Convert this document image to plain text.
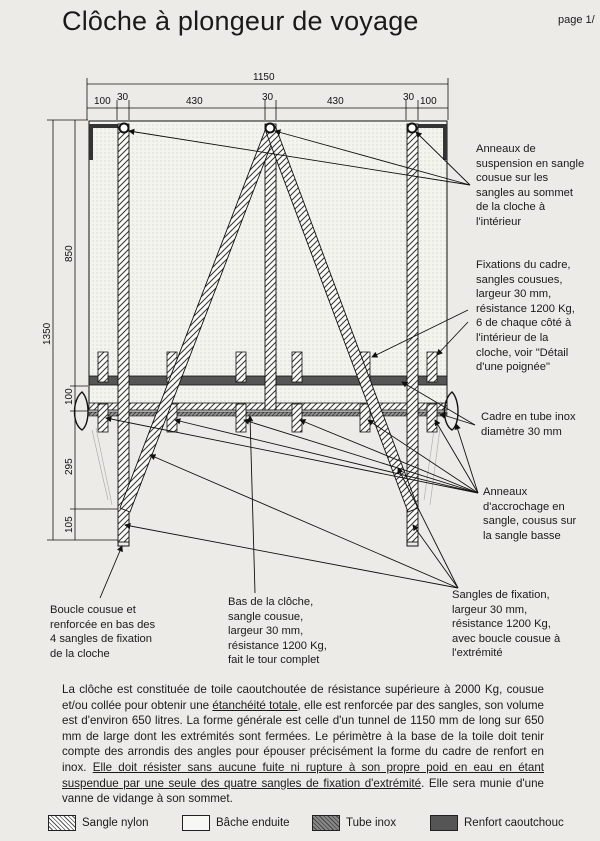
Clôche à plongeur de voyage	page 1/
1150
100 30	430	30	430	30 100
1350
850
100
295
105
Anneaux de
suspension en sangle
cousue sur les
sangles au sommet
de la cloche à
l'intérieur
Fixations du cadre,
sangles cousues,
largeur 30 mm,
résistance 1200 Kg,
6 de chaque côté à
l'intérieur de la
cloche, voir "Détail
d'une poignée"
Cadre en tube inox
diamètre 30 mm
Anneaux
d'accrochage en
sangle, cousus sur
la sangle basse
Boucle cousue et
renforcée en bas des
4 sangles de fixation
de la cloche
Bas de la clôche,
sangle cousue,
largeur 30 mm,
résistance 1200 Kg,
fait le tour complet
Sangles de fixation,
largeur 30 mm,
résistance 1200 Kg,
avec boucle cousue à
l'extrémité
La clôche est constituée de toile caoutchoutée de résistance supérieure à 2000 Kg, cousue et/ou collée pour obtenir une étanchéité totale, elle est renforcée par des sangles, son volume est d'environ 650 litres. La forme générale est celle d'un tunnel de 1150 mm de long sur 650 mm de large dont les extrémités sont fermées. Le périmètre à la base de la toile doit tenir compte des arrondis des angles pour épouser précisément la forme du cadre de renfort en inox. Elle doit résister sans aucune fuite ni rupture à son propre poid en eau en étant suspendue par une seule des quatre sangles de fixation d'extrémité. Elle sera munie d'une vanne de vidange à son sommet.
Sangle nylon	Bâche enduite	Tube inox	Renfort caoutchouc
